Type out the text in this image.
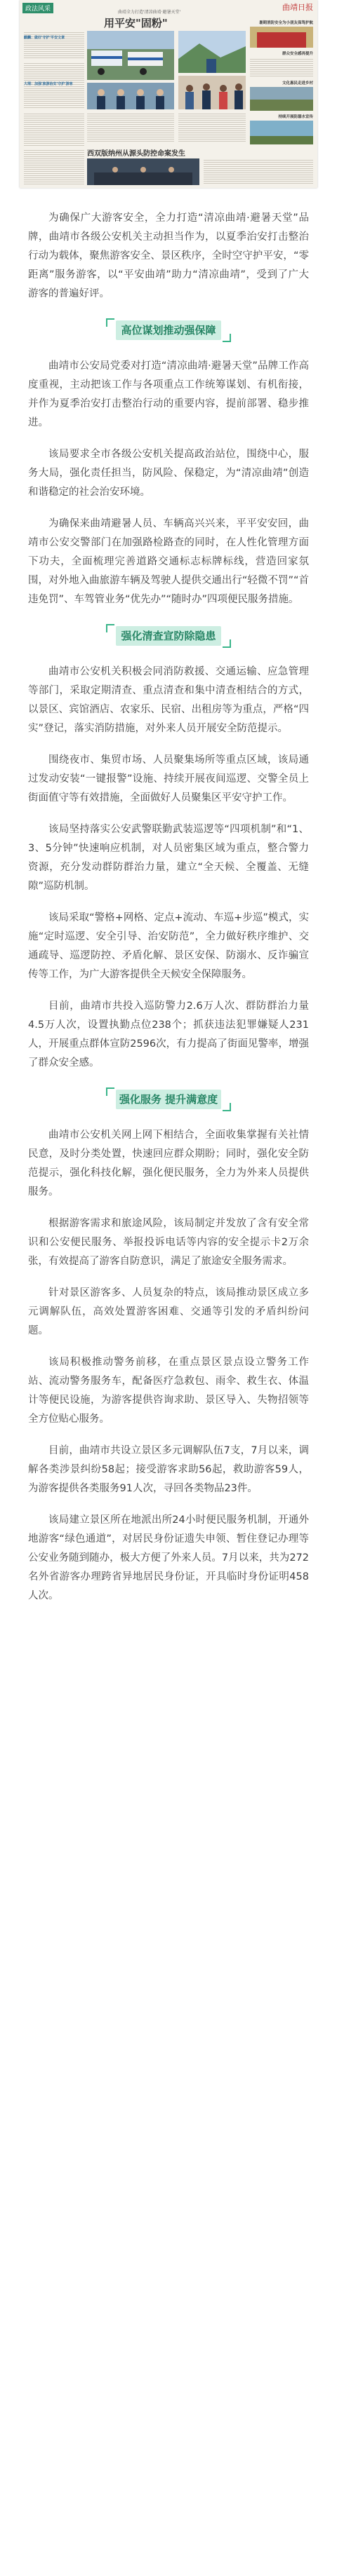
政法风采	曲靖全力打造'清凉曲靖·避暑天堂'
用平安"固粉"
曲靖日报
麒麟：做好'守护'平安文章
大理：加强'旅游治安'守护'游客
暑期消防安全为小朋友保驾护航
群众安全感再提升
文化惠民走进乡村
持续开展防溺水宣传
西双版纳州从源头防控命案发生

为确保广大游客安全，全力打造“清凉曲靖·避暑天堂”品牌，曲靖市各级公安机关主动担当作为，以夏季治安打击整治行动为载体，聚焦游客安全、景区秩序，全时空守护平安，“零距离”服务游客，以“平安曲靖”助力“清凉曲靖”，受到了广大游客的普遍好评。

高位谋划推动强保障

曲靖市公安局党委对打造“清凉曲靖·避暑天堂”品牌工作高度重视，主动把该工作与各项重点工作统筹谋划、有机衔接，并作为夏季治安打击整治行动的重要内容，提前部署、稳步推进。

该局要求全市各级公安机关提高政治站位，围绕中心，服务大局，强化责任担当，防风险、保稳定，为“清凉曲靖”创造和谐稳定的社会治安环境。

为确保来曲靖避暑人员、车辆高兴兴来，平平安安回，曲靖市公安交警部门在加强路检路查的同时，在人性化管理方面下功夫，全面梳理完善道路交通标志标牌标线，营造回家氛围，对外地入曲旅游车辆及驾驶人提供交通出行“轻微不罚”“首违免罚”、车驾管业务“优先办”“随时办”四项便民服务措施。

强化清查宣防除隐患

曲靖市公安机关积极会同消防救援、交通运输、应急管理等部门，采取定期清查、重点清查和集中清查相结合的方式，以景区、宾馆酒店、农家乐、民宿、出租房等为重点，严格“四实”登记，落实消防措施，对外来人员开展安全防范提示。

围绕夜市、集贸市场、人员聚集场所等重点区域，该局通过发动安装“一键报警”设施、持续开展夜间巡逻、交警全员上街面值守等有效措施，全面做好人员聚集区平安守护工作。

该局坚持落实公安武警联勤武装巡逻等“四项机制”和“1、3、5分钟”快速响应机制，对人员密集区域为重点，整合警力资源，充分发动群防群治力量，建立“全天候、全覆盖、无缝隙”巡防机制。

该局采取“警格+网格、定点+流动、车巡+步巡”模式，实施“定时巡逻、安全引导、治安防范”，全力做好秩序维护、交通疏导、巡逻防控、矛盾化解、景区安保、防溺水、反诈骗宣传等工作，为广大游客提供全天候安全保障服务。

目前，曲靖市共投入巡防警力2.6万人次、群防群治力量4.5万人次，设置执勤点位238个；抓获违法犯罪嫌疑人231人，开展重点群体宣防2596次，有力提高了街面见警率，增强了群众安全感。

强化服务 提升满意度

曲靖市公安机关网上网下相结合，全面收集掌握有关社情民意，及时分类处置，快速回应群众期盼；同时，强化安全防范提示，强化科技化解，强化便民服务，全力为外来人员提供服务。

根据游客需求和旅途风险，该局制定并发放了含有安全常识和公安便民服务、举报投诉电话等内容的安全提示卡2万余张，有效提高了游客自防意识，满足了旅途安全服务需求。

针对景区游客多、人员复杂的特点，该局推动景区成立多元调解队伍，高效处置游客困难、交通等引发的矛盾纠纷问题。

该局积极推动警务前移，在重点景区景点设立警务工作站、流动警务服务车，配备医疗急救包、雨伞、救生衣、体温计等便民设施，为游客提供咨询求助、景区导入、失物招领等全方位贴心服务。

目前，曲靖市共设立景区多元调解队伍7支，7月以来，调解各类涉景纠纷58起；接受游客求助56起，救助游客59人，为游客提供各类服务91人次，寻回各类物品23件。

该局建立景区所在地派出所24小时便民服务机制，开通外地游客“绿色通道”，对居民身份证遗失申领、暂住登记办理等公安业务随到随办，极大方便了外来人员。7月以来，共为272名外省游客办理跨省异地居民身份证，开具临时身份证明458人次。
